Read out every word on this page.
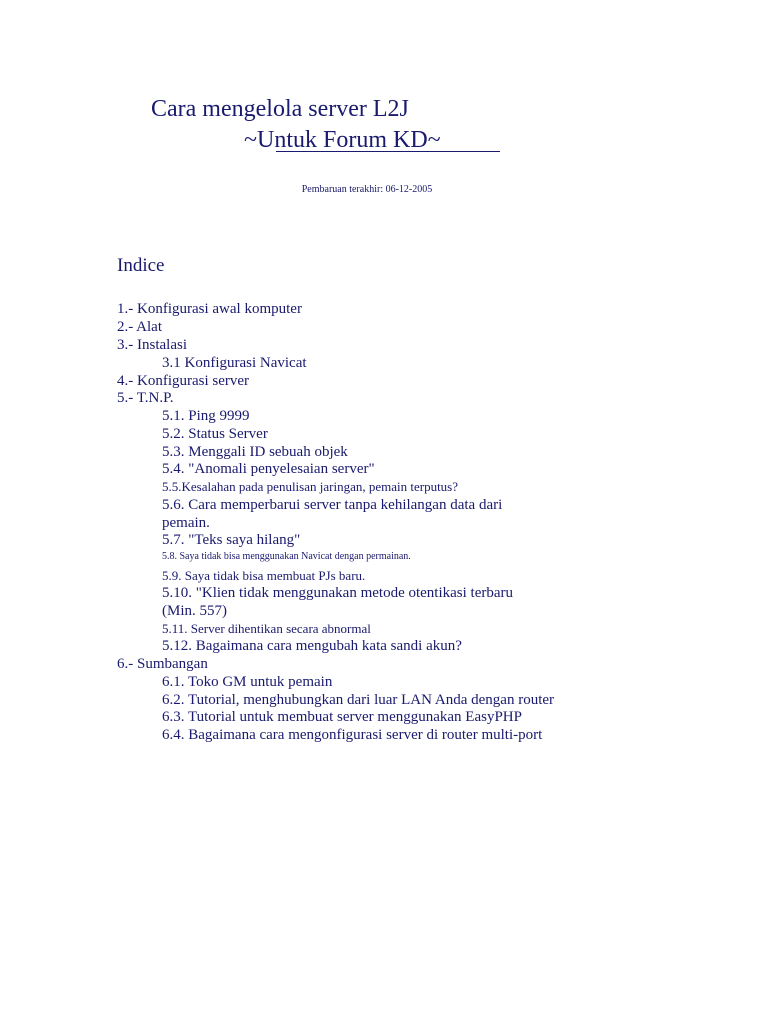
Cara mengelola server L2J
~Untuk Forum KD~
Pembaruan terakhir: 06-12-2005
Indice
1.- Konfigurasi awal komputer
2.- Alat
3.- Instalasi
3.1 Konfigurasi Navicat
4.- Konfigurasi server
5.- T.N.P.
5.1. Ping 9999
5.2. Status Server
5.3. Menggali ID sebuah objek
5.4. "Anomali penyelesaian server"
5.5.Kesalahan pada penulisan jaringan, pemain terputus?
5.6. Cara memperbarui server tanpa kehilangan data dari pemain.
5.7. "Teks saya hilang"
5.8. Saya tidak bisa menggunakan Navicat dengan permainan.
5.9. Saya tidak bisa membuat PJs baru.
5.10. "Klien tidak menggunakan metode otentikasi terbaru (Min. 557)
5.11. Server dihentikan secara abnormal
5.12. Bagaimana cara mengubah kata sandi akun?
6.- Sumbangan
6.1. Toko GM untuk pemain
6.2. Tutorial, menghubungkan dari luar LAN Anda dengan router
6.3. Tutorial untuk membuat server menggunakan EasyPHP
6.4. Bagaimana cara mengonfigurasi server di router multi-port
